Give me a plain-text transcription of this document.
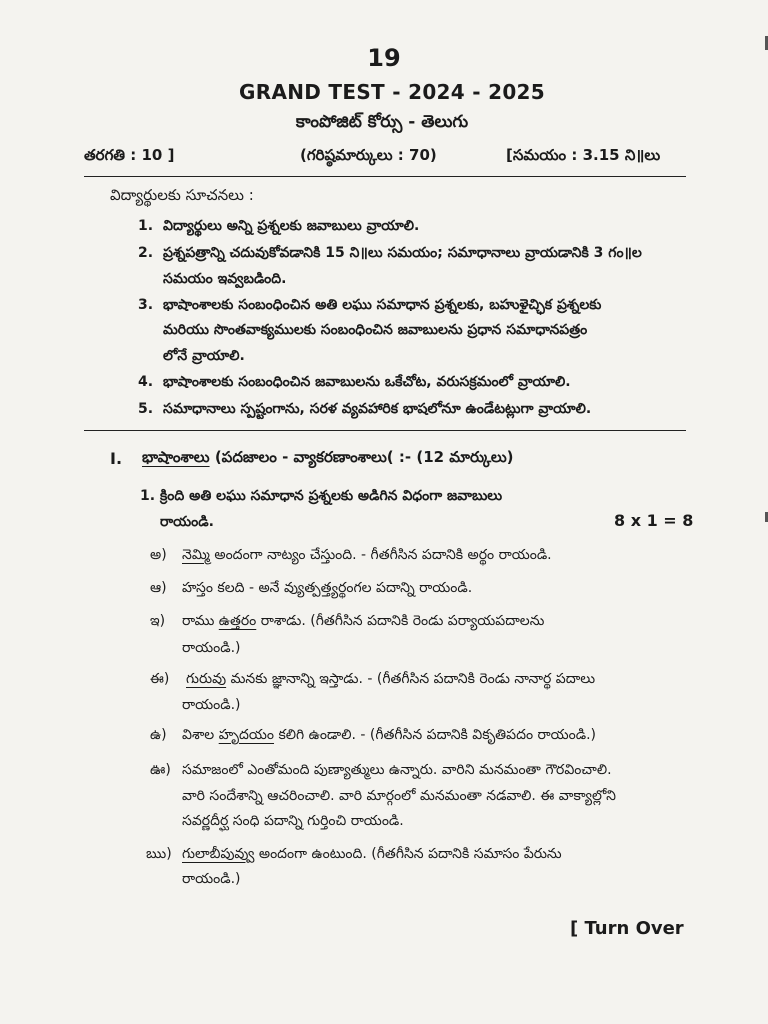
19
GRAND TEST - 2024 - 2025
కాంపోజిట్ కోర్సు - తెలుగు
తరగతి : 10 ]	(గరిష్ఠమార్కులు : 70)	[సమయం : 3.15 ని॥లు
విద్యార్థులకు సూచనలు :
1. విద్యార్థులు అన్ని ప్రశ్నలకు జవాబులు వ్రాయాలి.
2. ప్రశ్నపత్రాన్ని చదువుకోవడానికి 15 ని॥లు సమయం; సమాధానాలు వ్రాయడానికి 3 గం॥ల
సమయం ఇవ్వబడింది.
3. భాషాంశాలకు సంబంధించిన అతి లఘు సమాధాన ప్రశ్నలకు, బహుళైచ్ఛిక ప్రశ్నలకు
మరియు సొంతవాక్యములకు సంబంధించిన జవాబులను ప్రధాన సమాధానపత్రం
లోనే వ్రాయాలి.
4. భాషాంశాలకు సంబంధించిన జవాబులను ఒకేచోట, వరుసక్రమంలో వ్రాయాలి.
5. సమాధానాలు స్పష్టంగాను, సరళ వ్యవహారిక భాషలోనూ ఉండేటట్లుగా వ్రాయాలి.
I. భాషాంశాలు (పదజాలం - వ్యాకరణాంశాలు( :- (12 మార్కులు)
1. క్రింది అతి లఘు సమాధాన ప్రశ్నలకు అడిగిన విధంగా జవాబులు
రాయండి.	8 x 1 = 8
అ) నెమ్మి అందంగా నాట్యం చేస్తుంది. - గీతగీసిన పదానికి అర్థం రాయండి.
ఆ) హస్తం కలది - అనే వ్యుత్పత్త్యర్థంగల పదాన్ని రాయండి.
ఇ) రాము ఉత్తరం రాశాడు. (గీతగీసిన పదానికి రెండు పర్యాయపదాలను
రాయండి.)
ఈ) గురువు మనకు జ్ఞానాన్ని ఇస్తాడు. - (గీతగీసిన పదానికి రెండు నానార్థ పదాలు
రాయండి.)
ఉ) విశాల హృదయం కలిగి ఉండాలి. - (గీతగీసిన పదానికి వికృతిపదం రాయండి.)
ఊ) సమాజంలో ఎంతోమంది పుణ్యాత్ములు ఉన్నారు. వారిని మనమంతా గౌరవించాలి.
వారి సందేశాన్ని ఆచరించాలి. వారి మార్గంలో మనమంతా నడవాలి. ఈ వాక్యాల్లోని
సవర్ణదీర్ఘ సంధి పదాన్ని గుర్తించి రాయండి.
ఋ) గులాబీపువ్వు అందంగా ఉంటుంది. (గీతగీసిన పదానికి సమాసం పేరును
రాయండి.)
[ Turn Over
